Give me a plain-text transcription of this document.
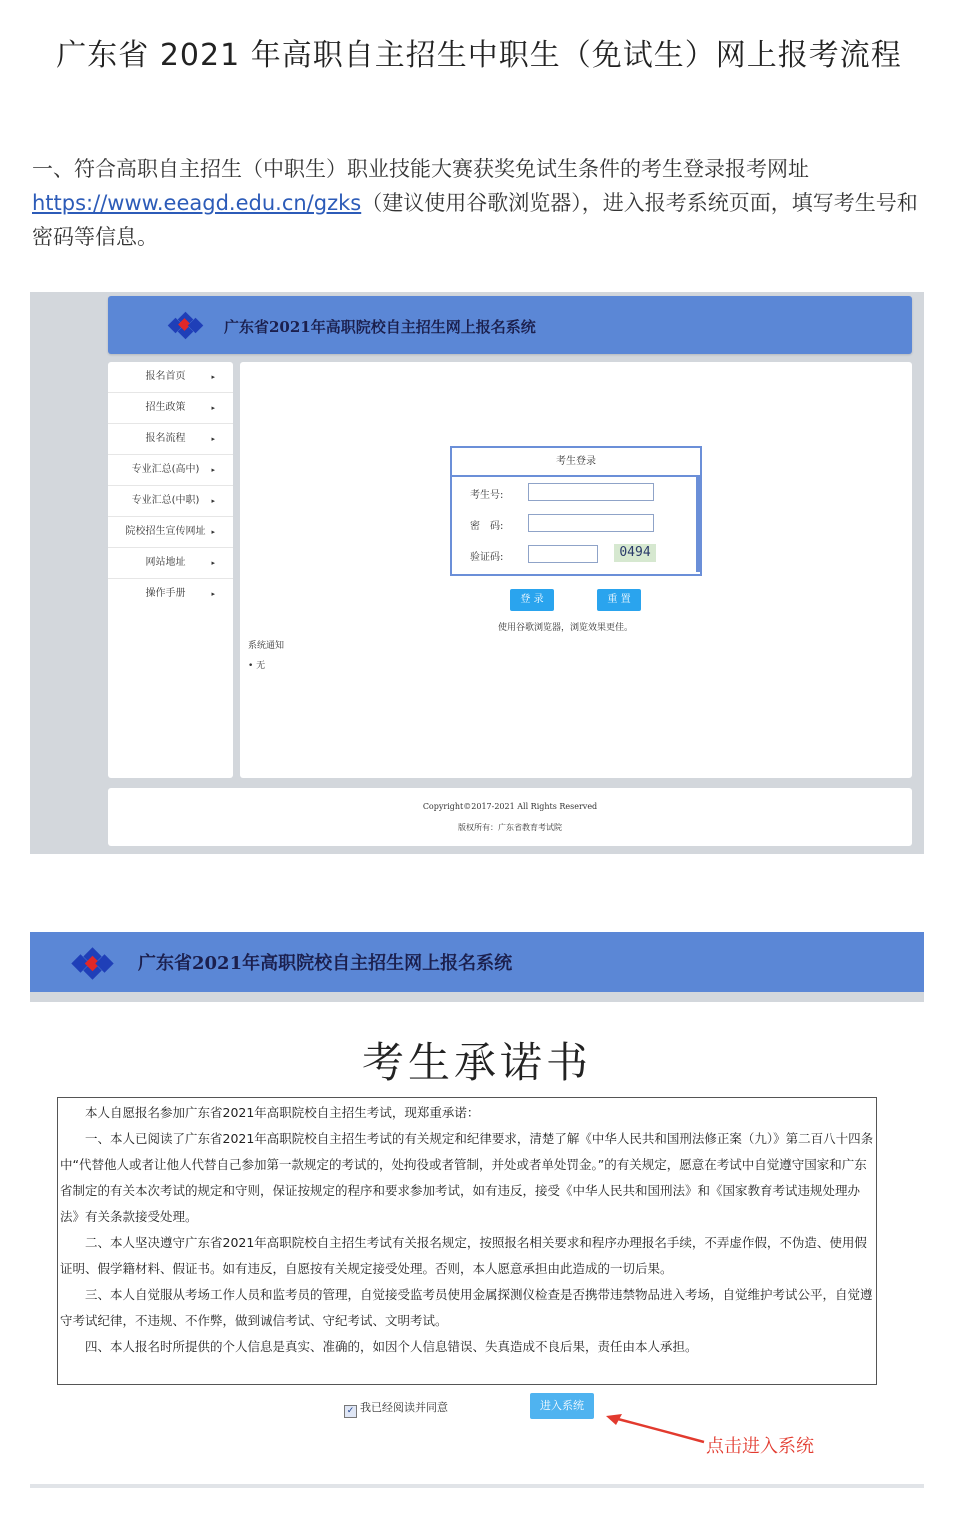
广东省 2021 年高职自主招生中职生（免试生）网上报考流程
一、符合高职自主招生（中职生）职业技能大赛获奖免试生条件的考生登录报考网址https://www.eeagd.edu.cn/gzks（建议使用谷歌浏览器），进入报考系统页面，填写考生号和密码等信息。
广东省2021年高职院校自主招生网上报名系统
报名首页	▸
招生政策	▸
报名流程	▸
专业汇总(高中) ▸
专业汇总(中职) ▸
院校招生宣传网址 ▸
网站地址	▸
操作手册	▸
考生登录
考生号:
密　码:
验证码:	0494
登 录	重 置
使用谷歌浏览器，浏览效果更佳。
系统通知
• 无
Copyright©2017-2021 All Rights Reserved
版权所有：广东省教育考试院
广东省2021年高职院校自主招生网上报名系统
考生承诺书

本人自愿报名参加广东省2021年高职院校自主招生考试，现郑重承诺：

一、本人已阅读了广东省2021年高职院校自主招生考试的有关规定和纪律要求，清楚了解《中华人民共和国刑法修正案（九）》第二百八十四条中“代替他人或者让他人代替自己参加第一款规定的考试的，处拘役或者管制，并处或者单处罚金。”的有关规定，愿意在考试中自觉遵守国家和广东省制定的有关本次考试的规定和守则，保证按规定的程序和要求参加考试，如有违反，接受《中华人民共和国刑法》和《国家教育考试违规处理办法》有关条款接受处理。

二、本人坚决遵守广东省2021年高职院校自主招生考试有关报名规定，按照报名相关要求和程序办理报名手续，不弄虚作假，不伪造、使用假证明、假学籍材料、假证书。如有违反，自愿按有关规定接受处理。否则，本人愿意承担由此造成的一切后果。

三、本人自觉服从考场工作人员和监考员的管理，自觉接受监考员使用金属探测仪检查是否携带违禁物品进入考场，自觉维护考试公平，自觉遵守考试纪律，不违规、不作弊，做到诚信考试、守纪考试、文明考试。

四、本人报名时所提供的个人信息是真实、准确的，如因个人信息错误、失真造成不良后果，责任由本人承担。

✓ 我已经阅读并同意	进入系统
点击进入系统
